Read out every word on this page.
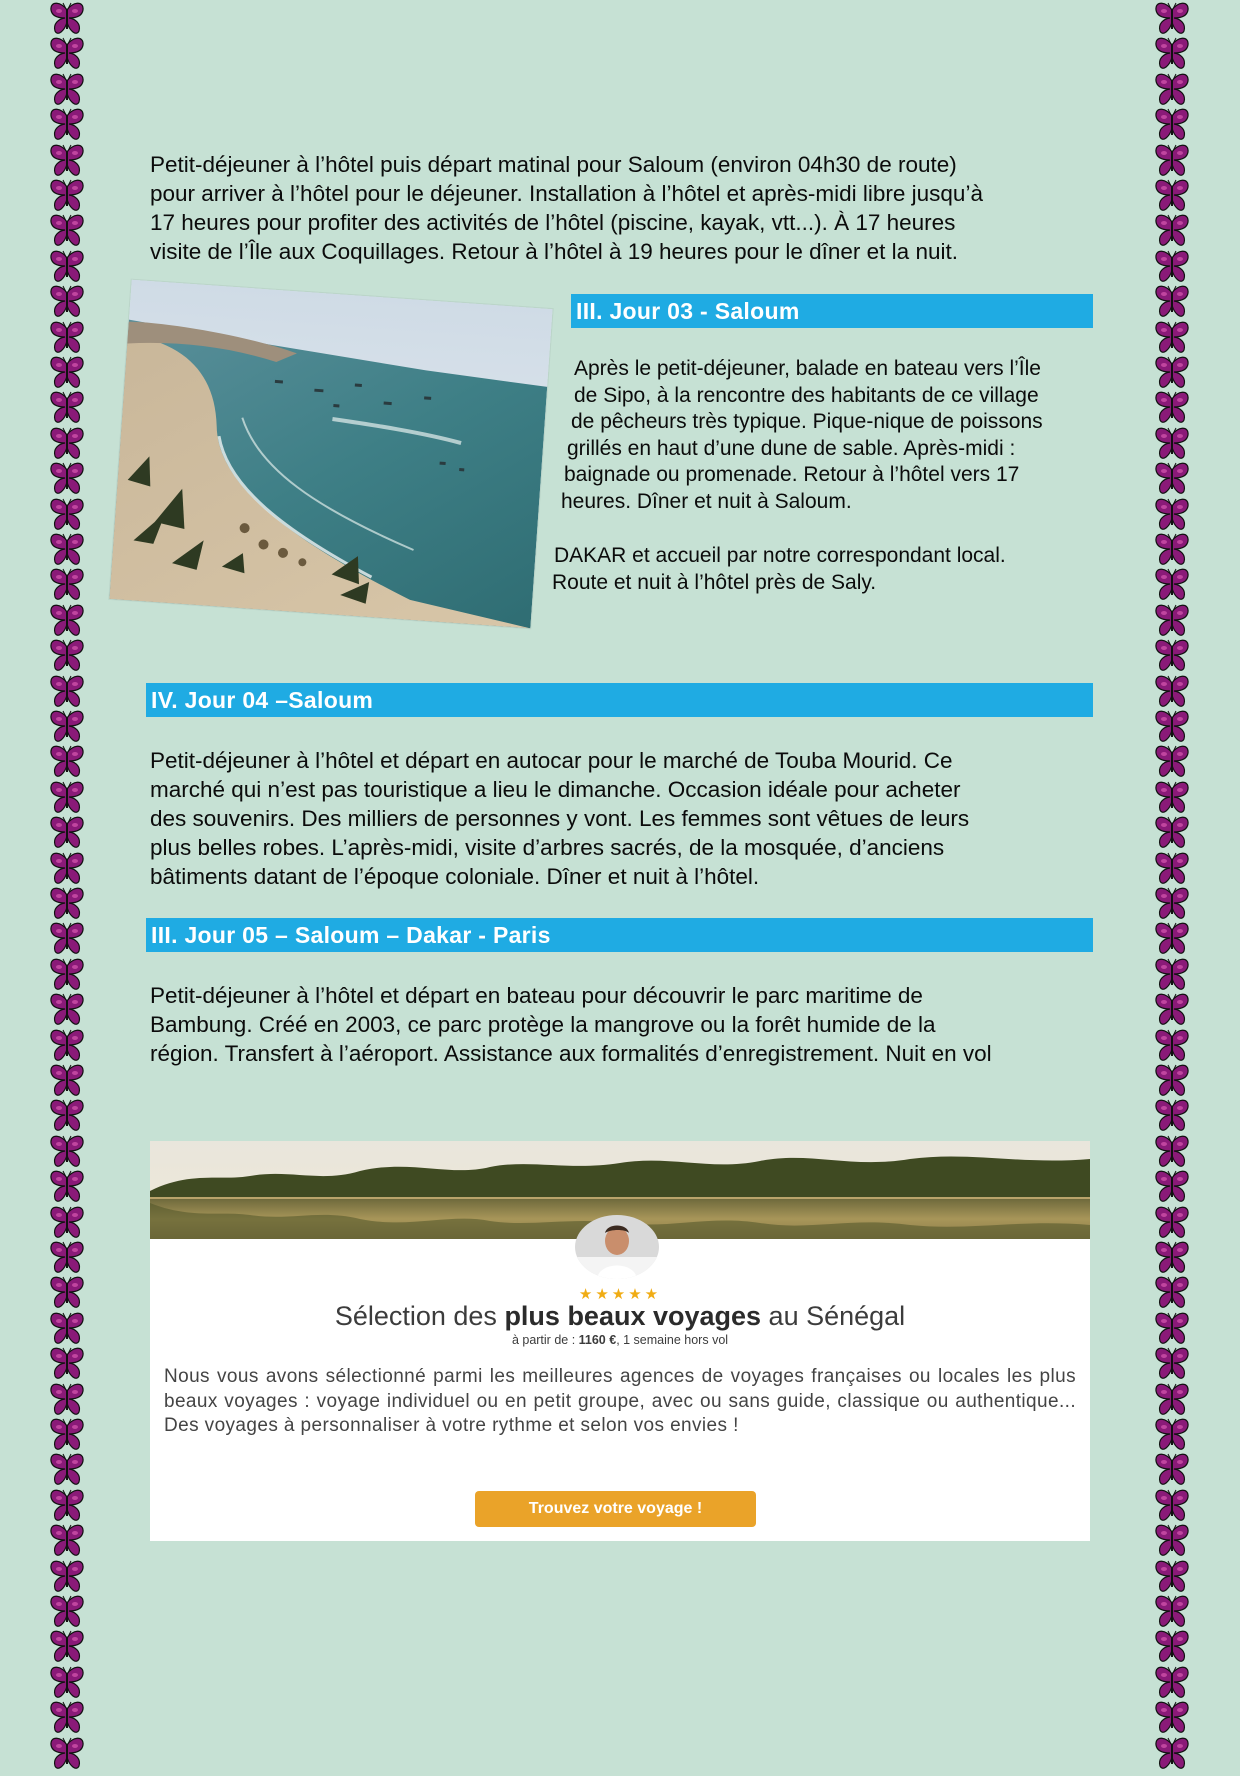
Petit-déjeuner à l’hôtel puis départ matinal pour Saloum (environ 04h30 de route)
pour arriver à l’hôtel pour le déjeuner. Installation à l’hôtel et après-midi libre jusqu’à
17 heures pour profiter des activités de l’hôtel (piscine, kayak, vtt...). À 17 heures
visite de l’Île aux Coquillages. Retour à l’hôtel à 19 heures pour le dîner et la nuit.

III. Jour 03 - Saloum
Après le petit-déjeuner, balade en bateau vers l’Île
de Sipo, à la rencontre des habitants de ce village
de pêcheurs très typique. Pique-nique de poissons
grillés en haut d’une dune de sable. Après-midi :
baignade ou promenade. Retour à l’hôtel vers 17
heures. Dîner et nuit à Saloum.
DAKAR et accueil par notre correspondant local.
Route et nuit à l’hôtel près de Saly.
IV. Jour 04 –Saloum

Petit-déjeuner à l’hôtel et départ en autocar pour le marché de Touba Mourid. Ce
marché qui n’est pas touristique a lieu le dimanche. Occasion idéale pour acheter
des souvenirs. Des milliers de personnes y vont. Les femmes sont vêtues de leurs
plus belles robes. L’après-midi, visite d’arbres sacrés, de la mosquée, d’anciens
bâtiments datant de l’époque coloniale. Dîner et nuit à l’hôtel.

III. Jour 05 – Saloum – Dakar - Paris

Petit-déjeuner à l’hôtel et départ en bateau pour découvrir le parc maritime de
Bambung. Créé en 2003, ce parc protège la mangrove ou la forêt humide de la
région. Transfert à l’aéroport. Assistance aux formalités d’enregistrement. Nuit en vol

★★★★★
Sélection des plus beaux voyages au Sénégal
à partir de : 1160 €, 1 semaine hors vol
Nous vous avons sélectionné parmi les meilleures agences de voyages françaises ou locales les plus beaux voyages : voyage individuel ou en petit groupe, avec ou sans guide, classique ou authentique... Des voyages à personnaliser à votre rythme et selon vos envies !
Trouvez votre voyage !
